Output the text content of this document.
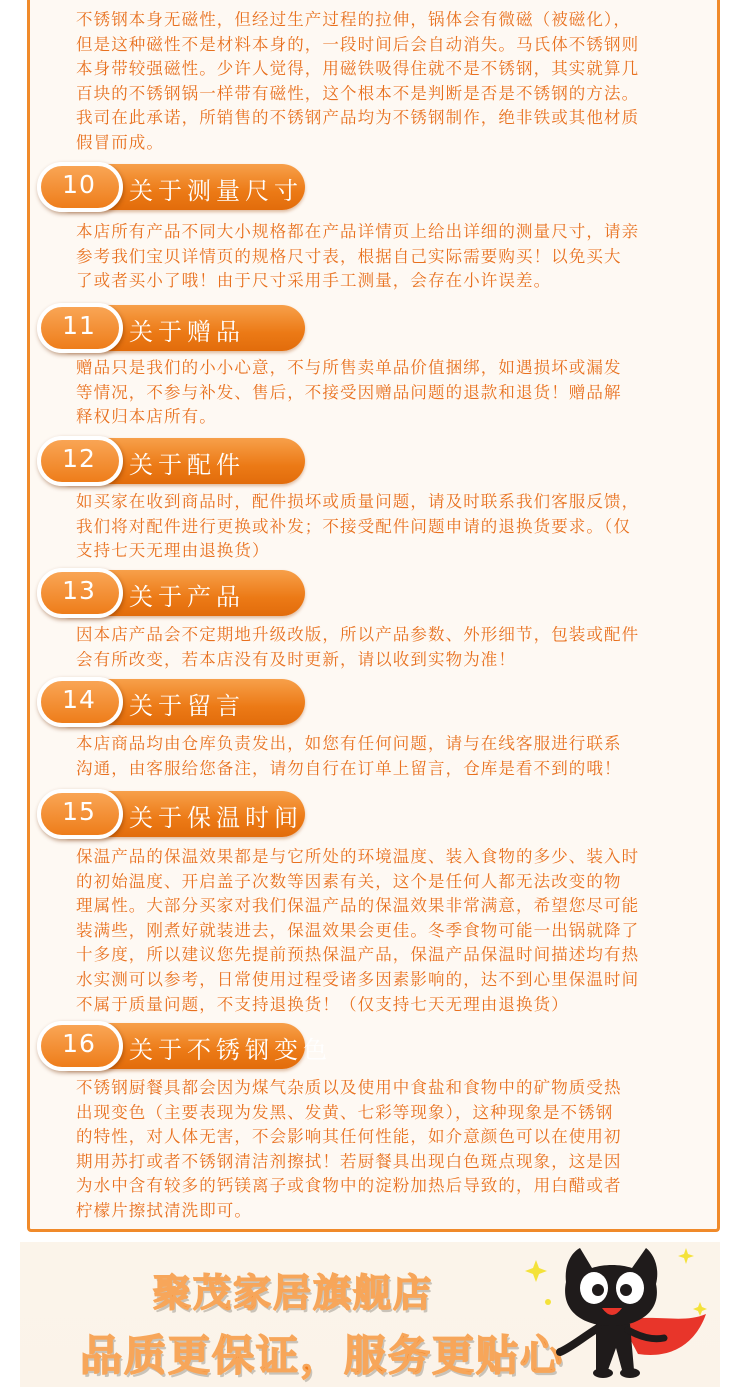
不锈钢本身无磁性，但经过生产过程的拉伸，锅体会有微磁（被磁化），
但是这种磁性不是材料本身的，一段时间后会自动消失。马氏体不锈钢则
本身带较强磁性。少许人觉得，用磁铁吸得住就不是不锈钢，其实就算几
百块的不锈钢锅一样带有磁性，这个根本不是判断是否是不锈钢的方法。
我司在此承诺，所销售的不锈钢产品均为不锈钢制作，绝非铁或其他材质
假冒而成。

10	关于测量尺寸

本店所有产品不同大小规格都在产品详情页上给出详细的测量尺寸，请亲
参考我们宝贝详情页的规格尺寸表，根据自己实际需要购买！以免买大
了或者买小了哦！由于尺寸采用手工测量，会存在小许误差。

11	关于赠品

赠品只是我们的小小心意，不与所售卖单品价值捆绑，如遇损坏或漏发
等情况，不参与补发、售后，不接受因赠品问题的退款和退货！赠品解
释权归本店所有。

12	关于配件

如买家在收到商品时，配件损坏或质量问题，请及时联系我们客服反馈，
我们将对配件进行更换或补发；不接受配件问题申请的退换货要求。（仅
支持七天无理由退换货）

13	关于产品

因本店产品会不定期地升级改版，所以产品参数、外形细节，包装或配件
会有所改变，若本店没有及时更新，请以收到实物为准！

14	关于留言

本店商品均由仓库负责发出，如您有任何问题，请与在线客服进行联系
沟通，由客服给您备注，请勿自行在订单上留言，仓库是看不到的哦！

15	关于保温时间

保温产品的保温效果都是与它所处的环境温度、装入食物的多少、装入时
的初始温度、开启盖子次数等因素有关，这个是任何人都无法改变的物
理属性。大部分买家对我们保温产品的保温效果非常满意，希望您尽可能
装满些，刚煮好就装进去，保温效果会更佳。冬季食物可能一出锅就降了
十多度，所以建议您先提前预热保温产品，保温产品保温时间描述均有热
水实测可以参考，日常使用过程受诸多因素影响的，达不到心里保温时间
不属于质量问题，不支持退换货！（仅支持七天无理由退换货）

16	关于不锈钢变色

不锈钢厨餐具都会因为煤气杂质以及使用中食盐和食物中的矿物质受热
出现变色（主要表现为发黑、发黄、七彩等现象），这种现象是不锈钢
的特性，对人体无害，不会影响其任何性能，如介意颜色可以在使用初
期用苏打或者不锈钢清洁剂擦拭！若厨餐具出现白色斑点现象，这是因
为水中含有较多的钙镁离子或食物中的淀粉加热后导致的，用白醋或者
柠檬片擦拭清洗即可。

聚茂家居旗舰店
品质更保证，服务更贴心
